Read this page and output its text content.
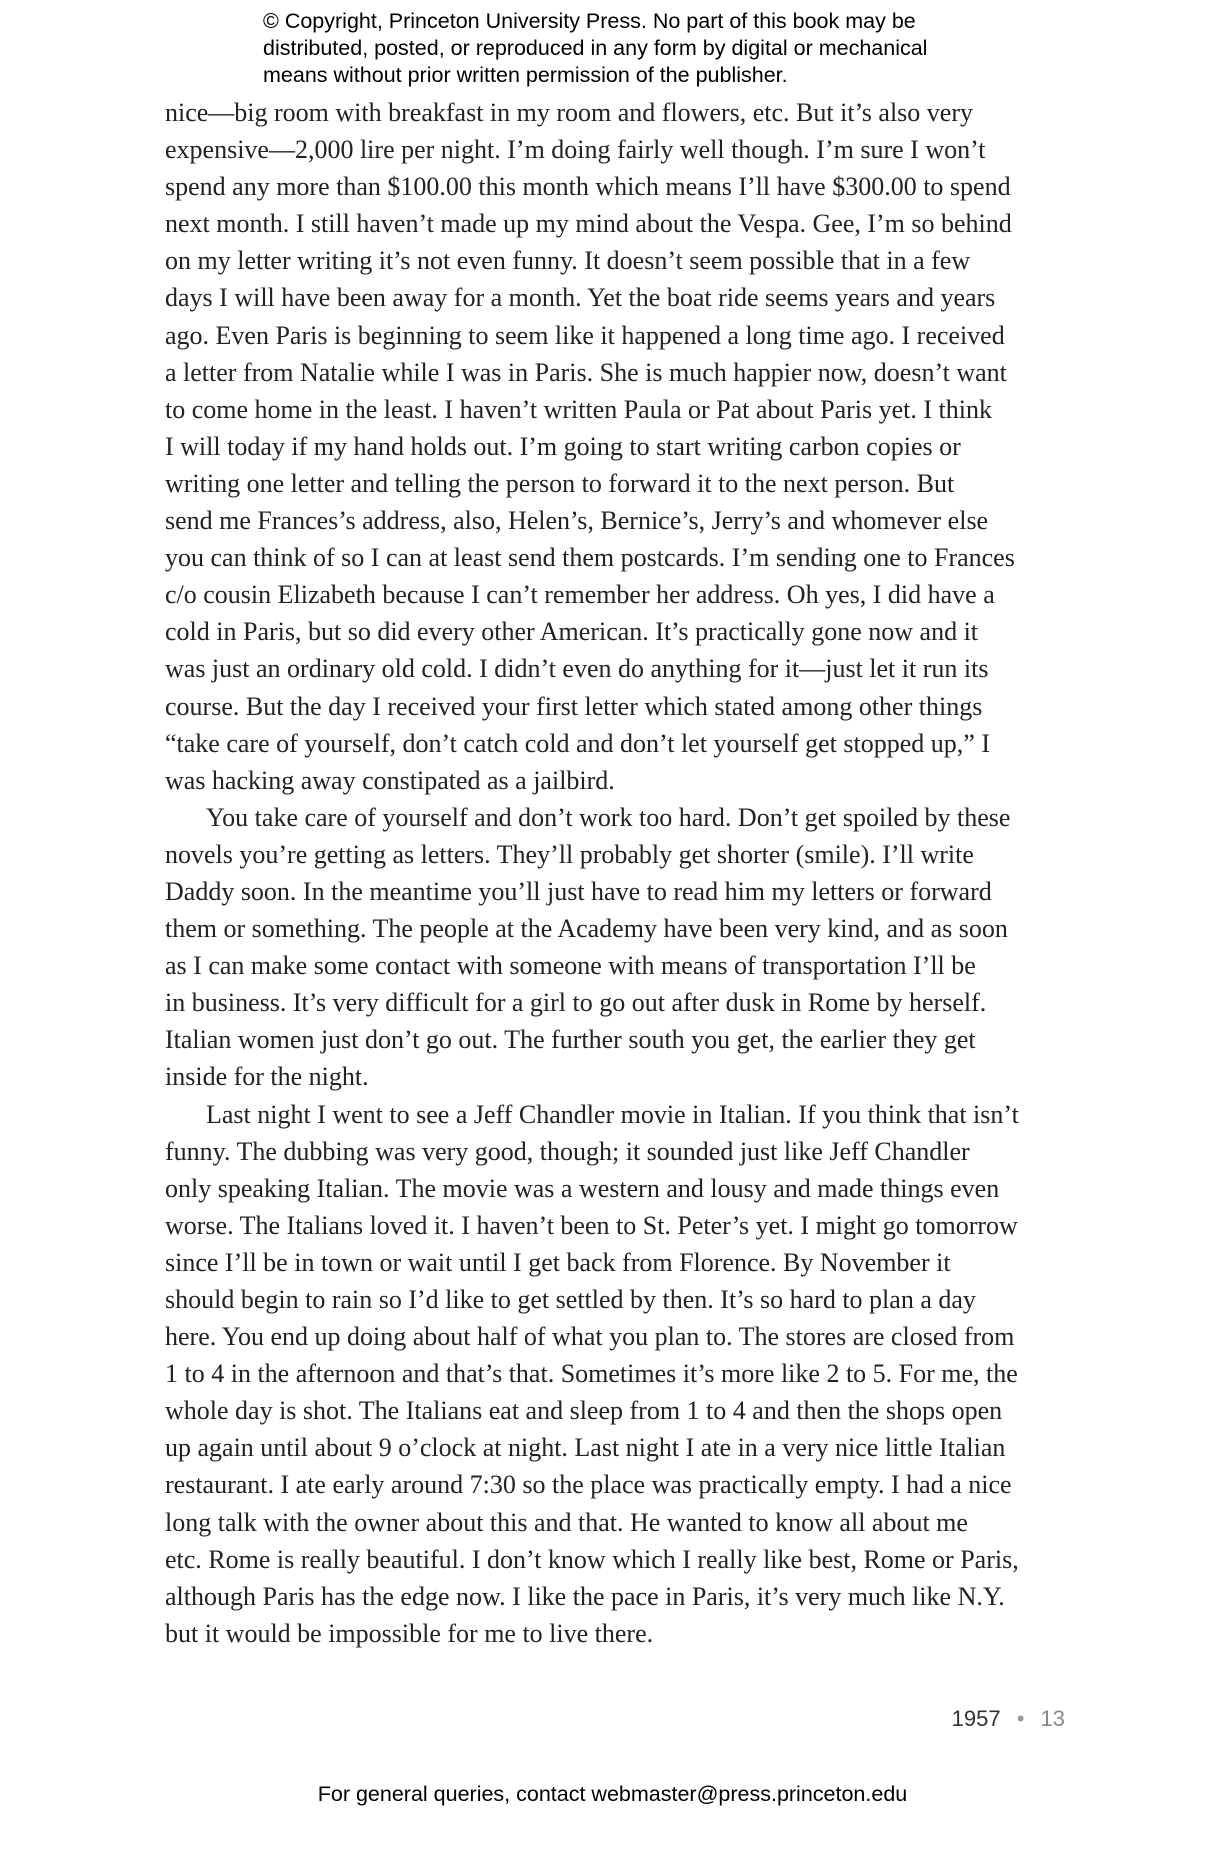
© Copyright, Princeton University Press. No part of this book may be
distributed, posted, or reproduced in any form by digital or mechanical
means without prior written permission of the publisher.
nice—big room with breakfast in my room and flowers, etc. But it’s also very
expensive—2,000 lire per night. I’m doing fairly well though. I’m sure I won’t
spend any more than $100.00 this month which means I’ll have $300.00 to spend
next month. I still haven’t made up my mind about the Vespa. Gee, I’m so behind
on my letter writing it’s not even funny. It doesn’t seem possible that in a few
days I will have been away for a month. Yet the boat ride seems years and years
ago. Even Paris is beginning to seem like it happened a long time ago. I received
a letter from Natalie while I was in Paris. She is much happier now, doesn’t want
to come home in the least. I haven’t written Paula or Pat about Paris yet. I think
I will today if my hand holds out. I’m going to start writing carbon copies or
writing one letter and telling the person to forward it to the next person. But
send me Frances’s address, also, Helen’s, Bernice’s, Jerry’s and whomever else
you can think of so I can at least send them postcards. I’m sending one to Frances
c/o cousin Elizabeth because I can’t remember her address. Oh yes, I did have a
cold in Paris, but so did every other American. It’s practically gone now and it
was just an ordinary old cold. I didn’t even do anything for it—just let it run its
course. But the day I received your first letter which stated among other things
“take care of yourself, don’t catch cold and don’t let yourself get stopped up,” I
was hacking away constipated as a jailbird.
You take care of yourself and don’t work too hard. Don’t get spoiled by these
novels you’re getting as letters. They’ll probably get shorter (smile). I’ll write
Daddy soon. In the meantime you’ll just have to read him my letters or forward
them or something. The people at the Academy have been very kind, and as soon
as I can make some contact with someone with means of transportation I’ll be
in business. It’s very difficult for a girl to go out after dusk in Rome by herself.
Italian women just don’t go out. The further south you get, the earlier they get
inside for the night.
Last night I went to see a Jeff Chandler movie in Italian. If you think that isn’t
funny. The dubbing was very good, though; it sounded just like Jeff Chandler
only speaking Italian. The movie was a western and lousy and made things even
worse. The Italians loved it. I haven’t been to St. Peter’s yet. I might go tomorrow
since I’ll be in town or wait until I get back from Florence. By November it
should begin to rain so I’d like to get settled by then. It’s so hard to plan a day
here. You end up doing about half of what you plan to. The stores are closed from
1 to 4 in the afternoon and that’s that. Sometimes it’s more like 2 to 5. For me, the
whole day is shot. The Italians eat and sleep from 1 to 4 and then the shops open
up again until about 9 o’clock at night. Last night I ate in a very nice little Italian
restaurant. I ate early around 7:30 so the place was practically empty. I had a nice
long talk with the owner about this and that. He wanted to know all about me
etc. Rome is really beautiful. I don’t know which I really like best, Rome or Paris,
although Paris has the edge now. I like the pace in Paris, it’s very much like N.Y.
but it would be impossible for me to live there.
1957 • 13
For general queries, contact webmaster@press.princeton.edu
